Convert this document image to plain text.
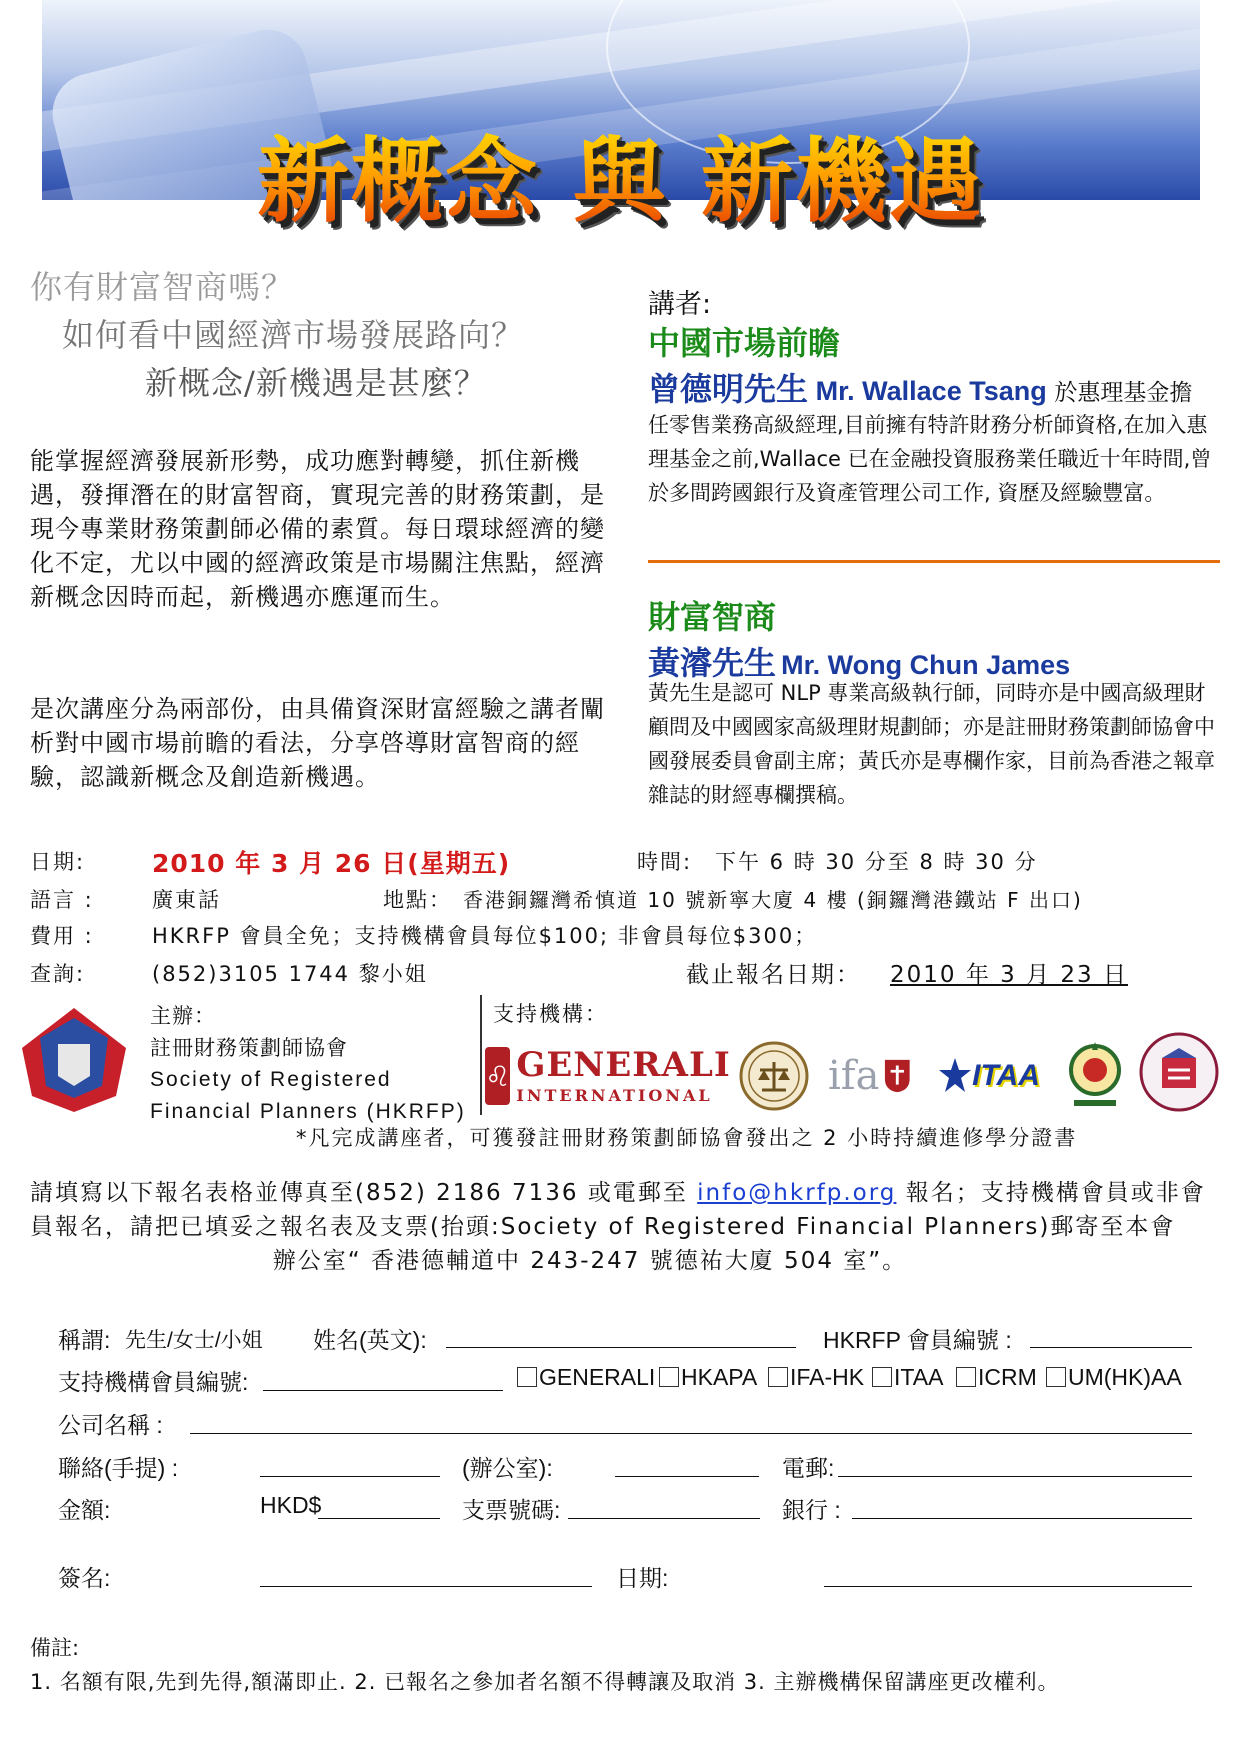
新概念 與 新機遇
你有財富智商嗎？
如何看中國經濟市場發展路向？
新概念/新機遇是甚麼？
能掌握經濟發展新形勢，成功應對轉變，抓住新機遇，發揮潛在的財富智商，實現完善的財務策劃，是現今專業財務策劃師必備的素質。每日環球經濟的變化不定，尤以中國的經濟政策是市場關注焦點，經濟新概念因時而起，新機遇亦應運而生。
是次講座分為兩部份，由具備資深財富經驗之講者闡析對中國市場前瞻的看法，分享啓導財富智商的經驗，認識新概念及創造新機遇。
講者:
中國市場前瞻
曾德明先生 Mr. Wallace Tsang 於惠理基金擔
任零售業務高級經理,目前擁有特許財務分析師資格,在加入惠理基金之前,Wallace 已在金融投資服務業任職近十年時間,曾於多間跨國銀行及資產管理公司工作, 資歷及經驗豐富。
財富智商
黃濬先生 Mr. Wong Chun James
黃先生是認可 NLP 專業高級執行師，同時亦是中國高級理財顧問及中國國家高級理財規劃師；亦是註冊財務策劃師協會中國發展委員會副主席；黃氏亦是專欄作家，目前為香港之報章雜誌的財經專欄撰稿。
日期:	2010 年 3 月 26 日(星期五)	時間: 下午 6 時 30 分至 8 時 30 分
語言 :	廣東話	地點： 香港銅鑼灣希慎道 10 號新寧大廈 4 樓 (銅鑼灣港鐵站 F 出口)
費用 :	HKRFP 會員全免；支持機構會員每位$100; 非會員每位$300；
查詢:	(852)3105 1744 黎小姐	截止報名日期： 2010 年 3 月 23 日
主辦：
註冊財務策劃師協會
Society of Registered
Financial Planners (HKRFP)
支持機構：
♌ GENERALI
INTERNATIONAL	ifa	ITAA
*凡完成講座者，可獲發註冊財務策劃師協會發出之 2 小時持續進修學分證書
請填寫以下報名表格並傳真至(852) 2186 7136 或電郵至 info@hkrfp.org 報名；支持機構會員或非會員報名，請把已填妥之報名表及支票(抬頭:Society of Registered Financial Planners)郵寄至本會
辦公室“ 香港德輔道中 243-247 號德祐大廈 504 室”。
稱謂: 先生/女士/小姐 姓名(英文):	HKRFP 會員編號 :
支持機構會員編號:	GENERALI	HKAPA	IFA-HK	ITAA	ICRM	UM(HK)AA
公司名稱 :
聯絡(手提) :	(辦公室):	電郵:
金額:	HKD$	支票號碼:	銀行 :
簽名:	日期:
備註:
1. 名額有限,先到先得,額滿即止. 2. 已報名之參加者名額不得轉讓及取消 3. 主辦機構保留講座更改權利。
